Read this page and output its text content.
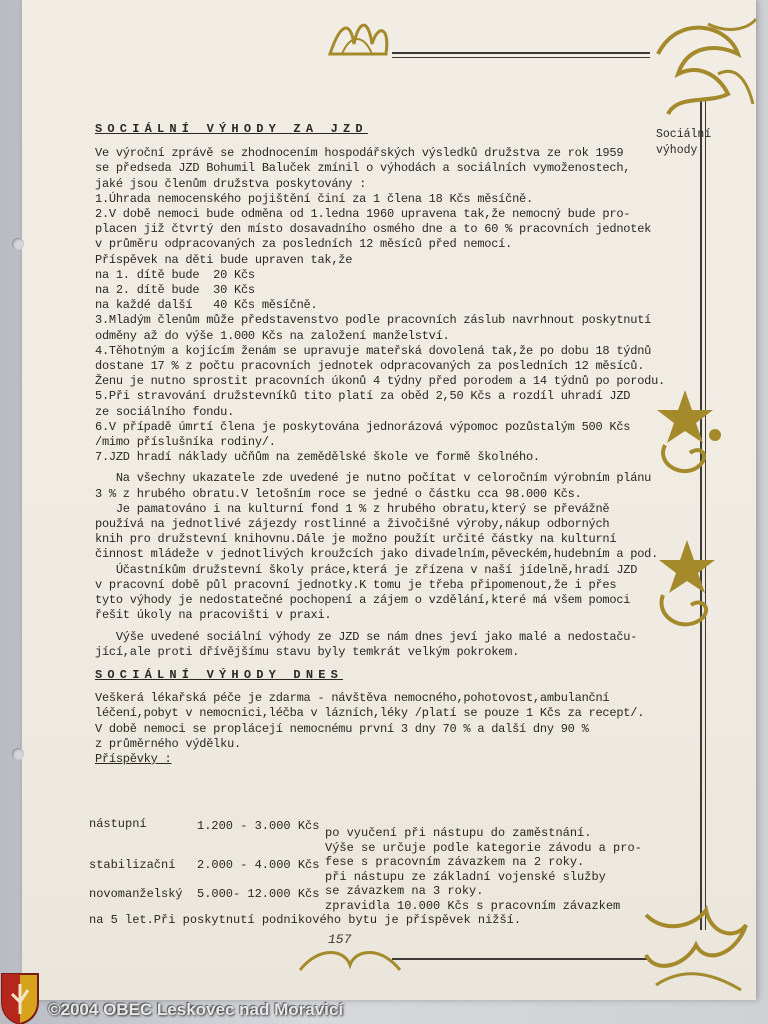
Sociální
výhody

SOCIÁLNÍ VÝHODY ZA JZD

Ve výroční zprávě se zhodnocením hospodářských výsledků družstva ze rok 1959

se předseda JZD Bohumil Baluček zmínil o výhodách a sociálních vymoženostech,

jaké jsou členům družstva poskytovány :

1.Úhrada nemocenského pojištění činí za 1 člena 18 Kčs měsíčně.

2.V době nemoci bude odměna od 1.ledna 1960 upravena tak,že nemocný bude pro-

placen již čtvrtý den místo dosavadního osmého dne a to 60 % pracovních jednotek

v průměru odpracovaných za posledních 12 měsíců před nemocí.

Příspěvek na děti bude upraven tak,že

na 1. dítě bude  20 Kčs

na 2. dítě bude  30 Kčs

na každé další   40 Kčs měsíčně.

3.Mladým členům může představenstvo podle pracovních záslub navrhnout poskytnutí

odměny až do výše 1.000 Kčs na založení manželství.

4.Těhotným a kojícím ženám se upravuje mateřská dovolená tak,že po dobu 18 týdnů

dostane 17 % z počtu pracovních jednotek odpracovaných za posledních 12 měsíců.

Ženu je nutno sprostit pracovních úkonů 4 týdny před porodem a 14 týdnů po porodu.

5.Při stravování družstevníků tito platí za oběd 2,50 Kčs a rozdíl uhradí JZD

ze sociálního fondu.

6.V případě úmrtí člena je poskytována jednorázová výpomoc pozůstalým 500 Kčs

/mimo příslušníka rodiny/.

7.JZD hradí náklady učňům na zemědělské škole ve formě školného.

Na všechny ukazatele zde uvedené je nutno počítat v celoročním výrobním plánu

3 % z hrubého obratu.V letošním roce se jedné o částku cca 98.000 Kčs.

Je pamatováno i na kulturní fond 1 % z hrubého obratu,který se převážně

používá na jednotlivé zájezdy rostlinné a živočišné výroby,nákup odborných

knih pro družstevní knihovnu.Dále je možno použít určité částky na kulturní

činnost mládeže v jednotlivých kroužcích jako divadelním,pěveckém,hudebním a pod.

Účastníkům družstevní školy práce,která je zřízena v naší jídelně,hradí JZD

v pracovní době půl pracovní jednotky.K tomu je třeba připomenout,že i přes

tyto výhody je nedostatečné pochopení a zájem o vzdělání,které má všem pomoci

řešit úkoly na pracovišti v praxi.

Výše uvedené sociální výhody ze JZD se nám dnes jeví jako malé a nedostaču-

jící,ale proti dřívějšímu stavu byly temkrát velkým pokrokem.

SOCIÁLNÍ VÝHODY DNES

Veškerá lékařská péče je zdarma - návštěva nemocného,pohotovost,ambulanční

léčení,pobyt v nemocnici,léčba v lázních,léky /platí se pouze 1 Kčs za recept/.

V době nemoci se proplácejí nemocnému první 3 dny 70 % a další dny 90 %

z průměrného výdělku.

Příspěvky :

nástupní	1.200 - 3.000 Kčs po vyučení při nástupu do zaměstnání.
Výše se určuje podle kategorie závodu a pro-
stabilizační 2.000 - 4.000 Kčs fese s pracovním závazkem na 2 roky.
při nástupu ze základní vojenské služby
novomanželský 5.000- 12.000 Kčs se závazkem na 3 roky.
zpravidla 10.000 Kčs s pracovním závazkem
na 5 let.Při poskytnutí podnikového bytu je příspěvek nižší.
157
©2004 OBEC Leskovec nad Moravicí
